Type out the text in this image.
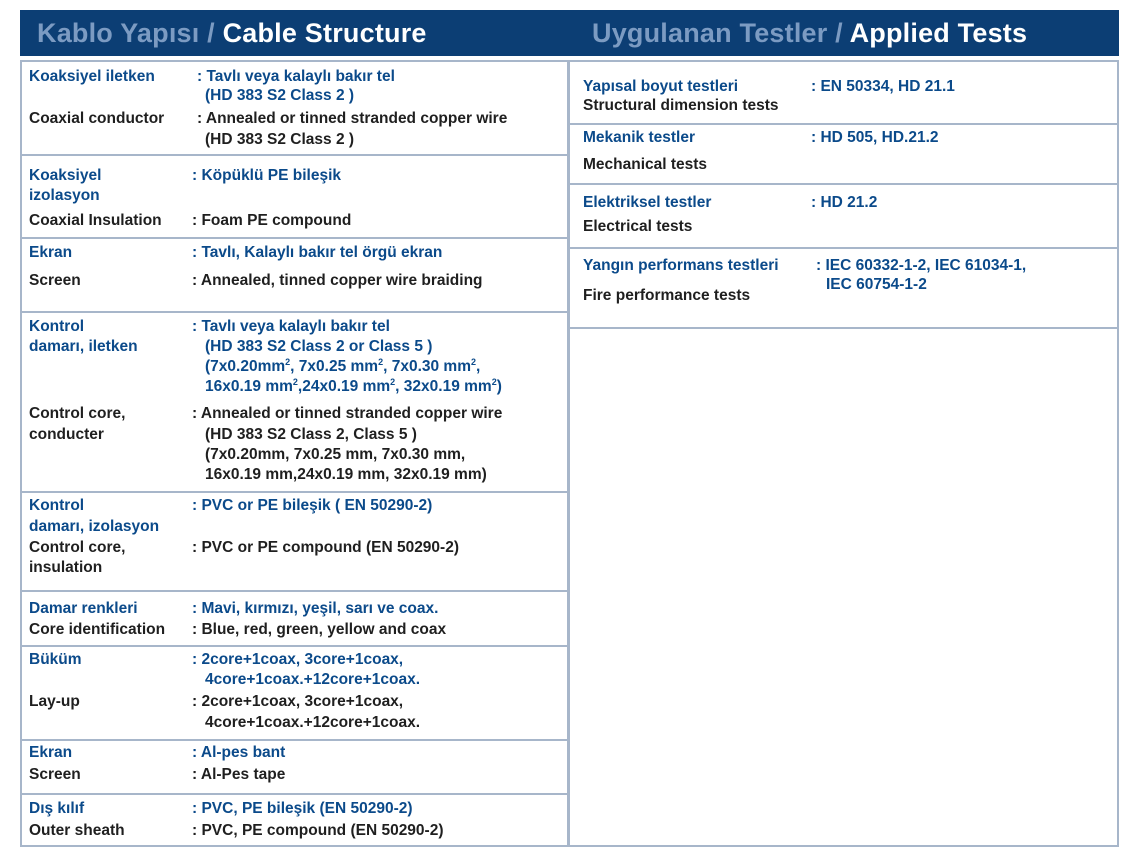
Kablo Yapısı / Cable Structure	Uygulanan Testler / Applied Tests
Koaksiyel iletken	: Tavlı veya kalaylı bakır tel
(HD 383 S2 Class 2 )
Coaxial conductor : Annealed or tinned stranded copper wire
(HD 383 S2 Class 2 )
Koaksiyel
izolasyon
: Köpüklü PE bileşik
Coaxial Insulation : Foam PE compound
Ekran	: Tavlı, Kalaylı bakır tel örgü ekran
Screen	: Annealed, tinned copper wire braiding
Kontrol
damarı, iletken
: Tavlı veya kalaylı bakır tel
(HD 383 S2 Class 2 or Class 5 )
($7x0.20mm^2$, 7x0.25 $mm^2$, 7x0.30 $mm^2$,
16x0.19 $mm^2,24x0.19$ $mm^2$, 32x0.19 $mm^2$)
Control core,
conducter
: Annealed or tinned stranded copper wire
(HD 383 S2 Class 2, Class 5 )
(7x0.20mm, 7x0.25 mm, 7x0.30 mm,
16x0.19 mm,24x0.19 mm, 32x0.19 mm)
Kontrol
damarı, izolasyon
: PVC or PE bileşik ( EN 50290-2)
Control core,
insulation
: PVC or PE compound (EN 50290-2)
Damar renkleri	: Mavi, kırmızı, yeşil, sarı ve coax.
Core identification : Blue, red, green, yellow and coax
Büküm	: 2core+1coax, 3core+1coax,
4core+1coax.+12core+1coax.
Lay-up	: 2core+1coax, 3core+1coax,
4core+1coax.+12core+1coax.
Ekran	: Al-pes bant
Screen	: Al-Pes tape
Dış kılıf	: PVC, PE bileşik (EN 50290-2)
Outer sheath	: PVC, PE compound (EN 50290-2)
Yapısal boyut testleri	: EN 50334, HD 21.1
Structural dimension tests
Mekanik testler	: HD 505, HD.21.2
Mechanical tests
Elektriksel testler	: HD 21.2
Electrical tests
Yangın performans testleri : IEC 60332-1-2, IEC 61034-1,
IEC 60754-1-2
Fire performance tests
